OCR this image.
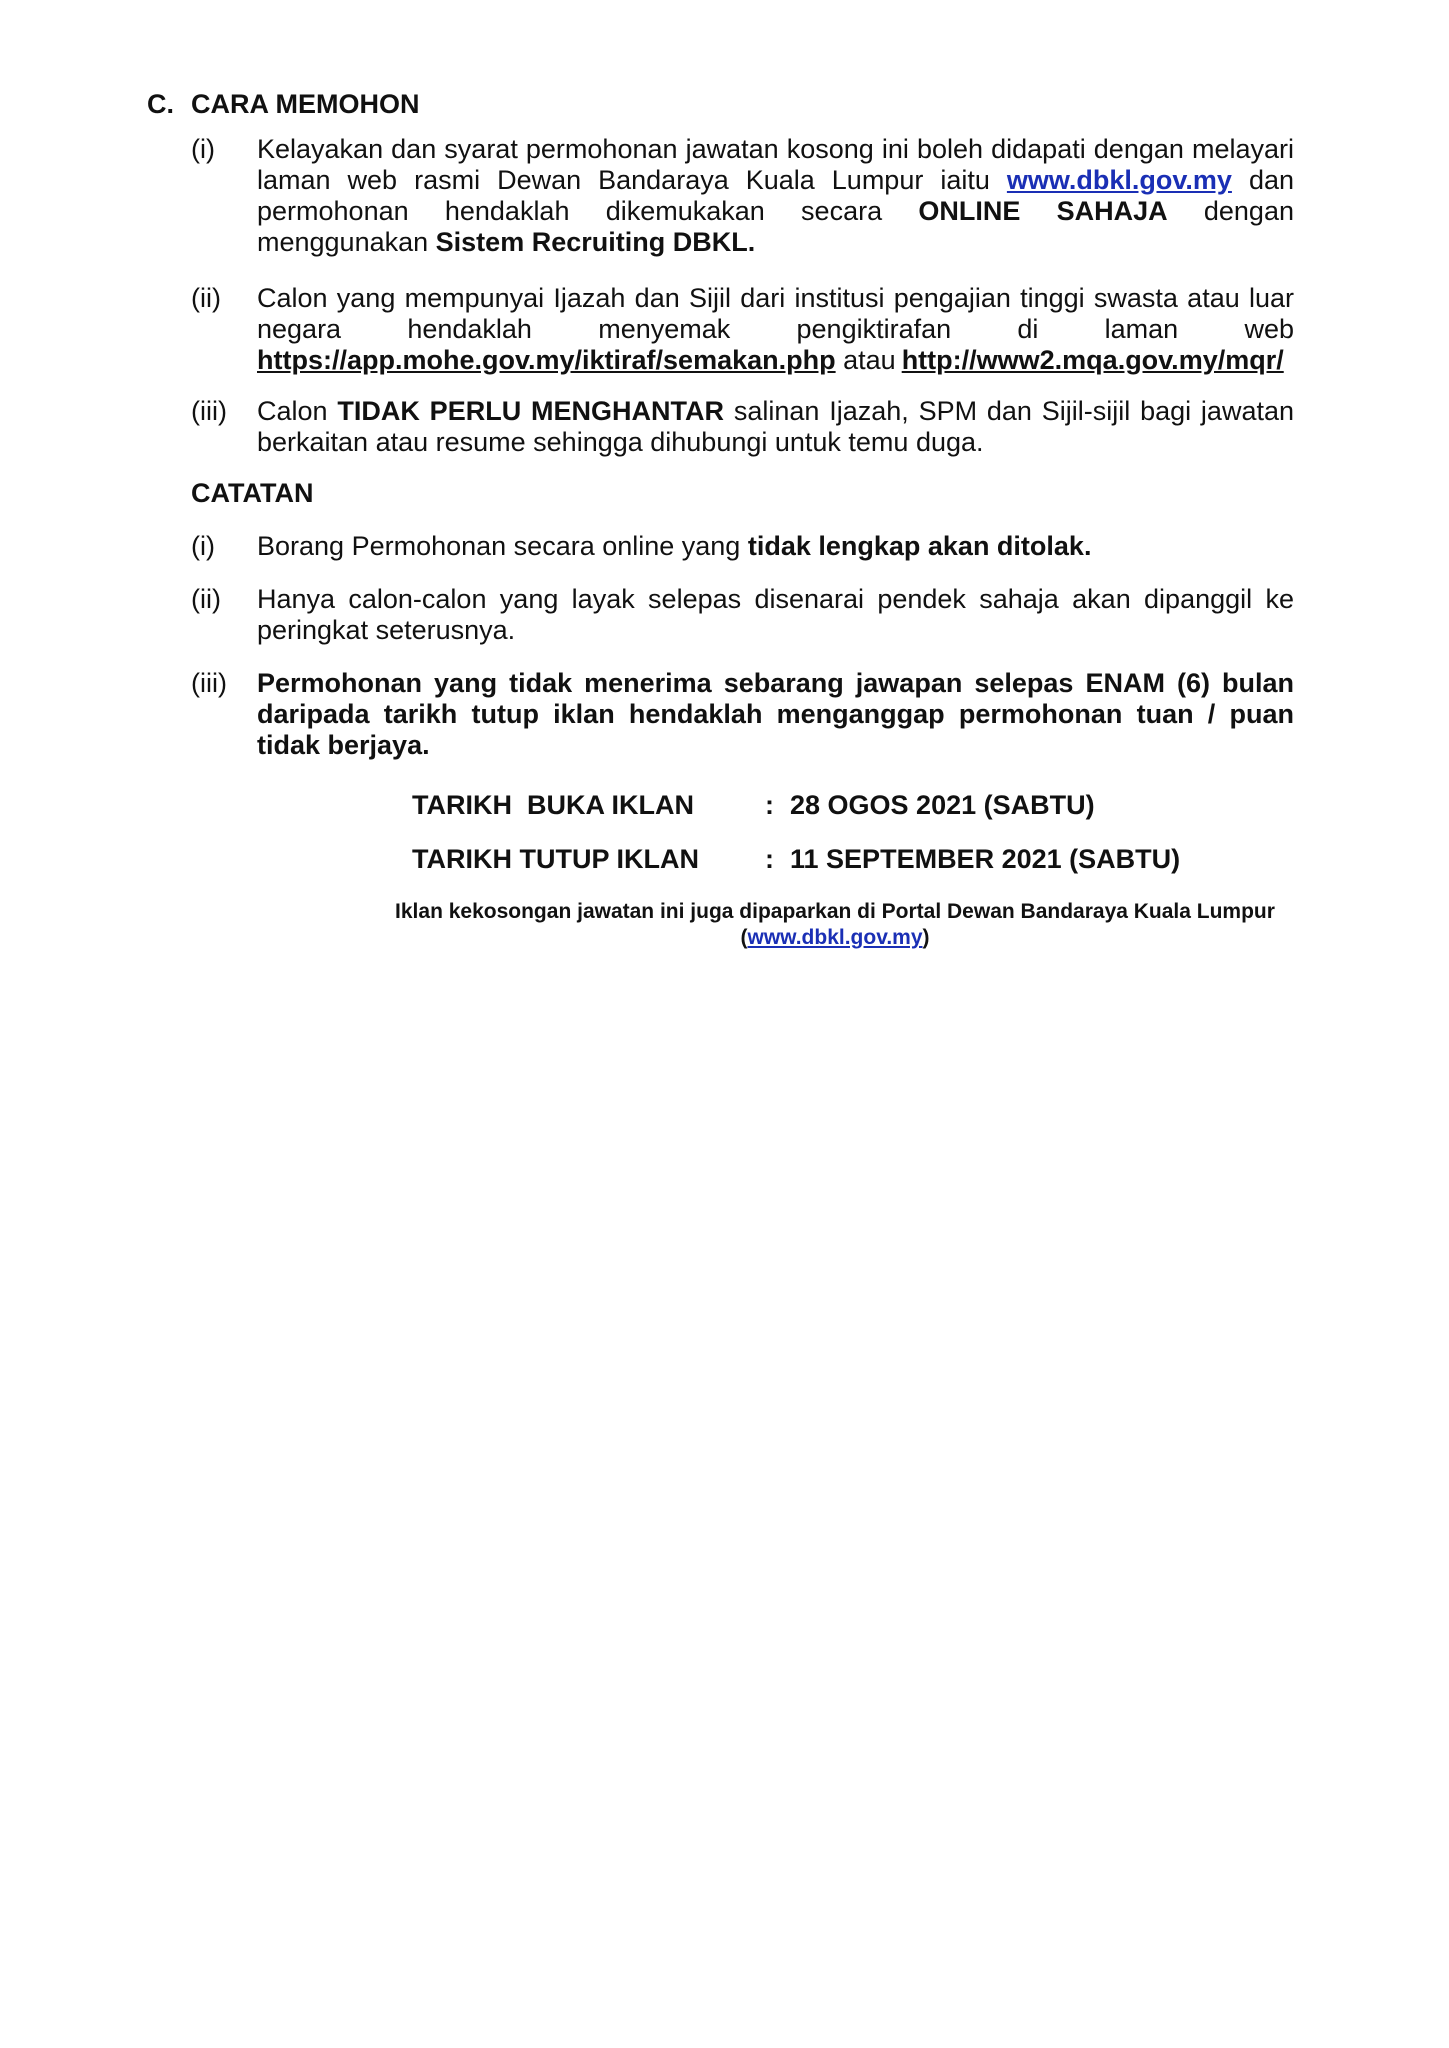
C. CARA MEMOHON
(i)	Kelayakan dan syarat permohonan jawatan kosong ini boleh didapati dengan melayari
laman web rasmi Dewan Bandaraya Kuala Lumpur iaitu www.dbkl.gov.my dan
permohonan hendaklah dikemukakan secara ONLINE SAHAJA dengan
menggunakan Sistem Recruiting DBKL.
(ii)	Calon yang mempunyai Ijazah dan Sijil dari institusi pengajian tinggi swasta atau luar
negara hendaklah menyemak pengiktirafan di laman web
https://app.mohe.gov.my/iktiraf/semakan.php atau http://www2.mqa.gov.my/mqr/
(iii)	Calon TIDAK PERLU MENGHANTAR salinan Ijazah, SPM dan Sijil-sijil bagi jawatan
berkaitan atau resume sehingga dihubungi untuk temu duga.
CATATAN
(i)	Borang Permohonan secara online yang tidak lengkap akan ditolak.
(ii)	Hanya calon-calon yang layak selepas disenarai pendek sahaja akan dipanggil ke
peringkat seterusnya.
(iii)	Permohonan yang tidak menerima sebarang jawapan selepas ENAM (6) bulan
daripada tarikh tutup iklan hendaklah menganggap permohonan tuan / puan
tidak berjaya.
TARIKH  BUKA IKLAN	: 28 OGOS 2021 (SABTU)
TARIKH TUTUP IKLAN : 11 SEPTEMBER 2021 (SABTU)
Iklan kekosongan jawatan ini juga dipaparkan di Portal Dewan Bandaraya Kuala Lumpur
(www.dbkl.gov.my)
